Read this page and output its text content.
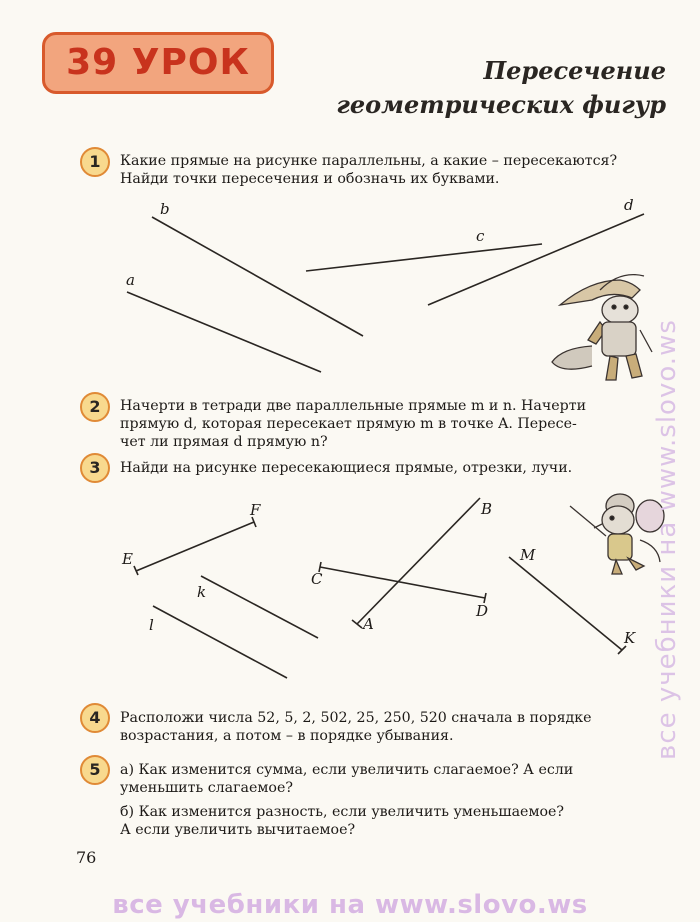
39 УРОК	Пересечение
геометрических фигур
1	Какие прямые на рисунке параллельны, а какие – пересекаются?
Найди точки пересечения и обозначь их буквами.
b
a
c
d
F
E
k
l
B
C
A
D
M
K
2	Начерти в тетради две параллельные прямые m и n. Начерти
прямую d, которая пересекает прямую m в точке A. Пересе-
чет ли прямая d прямую n?
3	Найди на рисунке пересекающиеся прямые, отрезки, лучи.
4	Расположи числа 52, 5, 2, 502, 25, 250, 520 сначала в порядке
возрастания, а потом – в порядке убывания.
5	а) Как изменится сумма, если увеличить слагаемое? А если
уменьшить слагаемое?
б) Как изменится разность, если увеличить уменьшаемое?
А если увеличить вычитаемое?
76
все учебники на www.slovo.ws
все учебники на www.slovo.ws
